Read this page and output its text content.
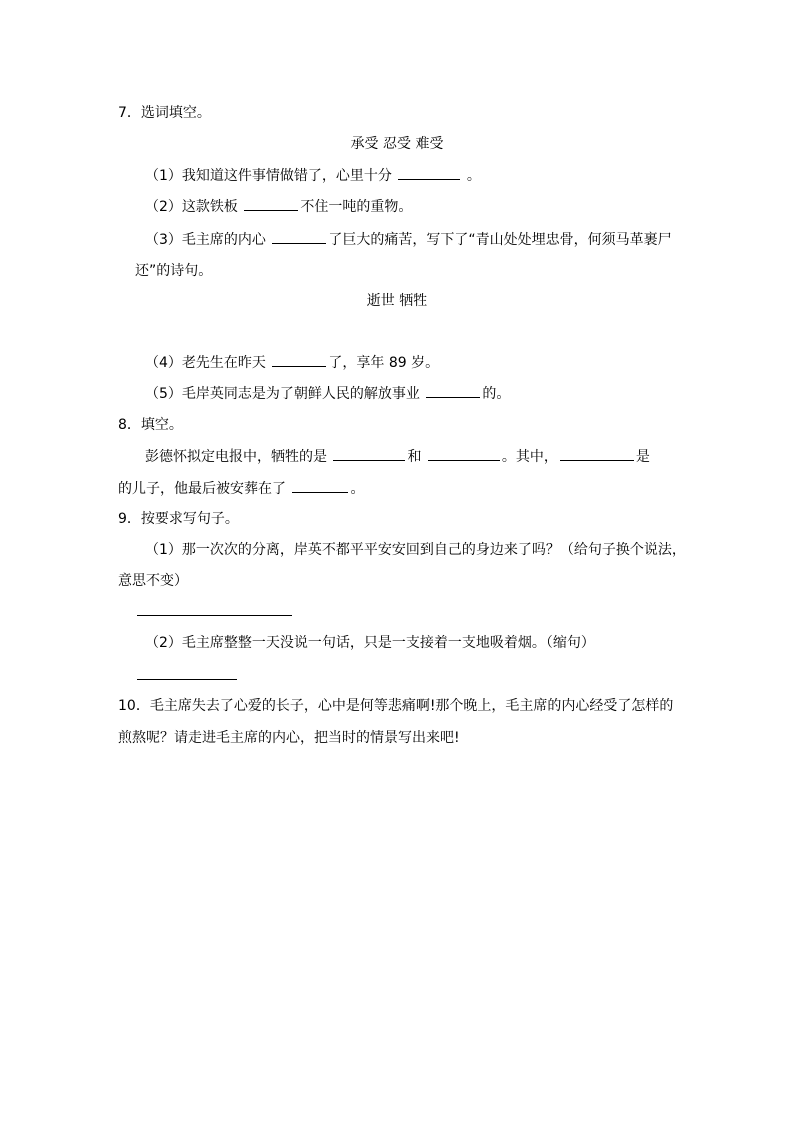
7．选词填空。
承受 忍受 难受
（1）我知道这件事情做错了，心里十分	。
（2）这款铁板	不住一吨的重物。
（3）毛主席的内心	了巨大的痛苦，写下了“青山处处埋忠骨，何须马革裹尸
还”的诗句。
逝世 牺牲
（4）老先生在昨天	了，享年 89 岁。
（5）毛岸英同志是为了朝鲜人民的解放事业	的。
8．填空。
彭德怀拟定电报中，牺牲的是	和	。其中，	是
的儿子，他最后被安葬在了	。
9．按要求写句子。
（1）那一次次的分离，岸英不都平平安安回到自己的身边来了吗？（给句子换个说法，
意思不变）
（2）毛主席整整一天没说一句话，只是一支接着一支地吸着烟。（缩句）
10．毛主席失去了心爱的长子，心中是何等悲痛啊!那个晚上，毛主席的内心经受了怎样的
煎熬呢？请走进毛主席的内心，把当时的情景写出来吧!
